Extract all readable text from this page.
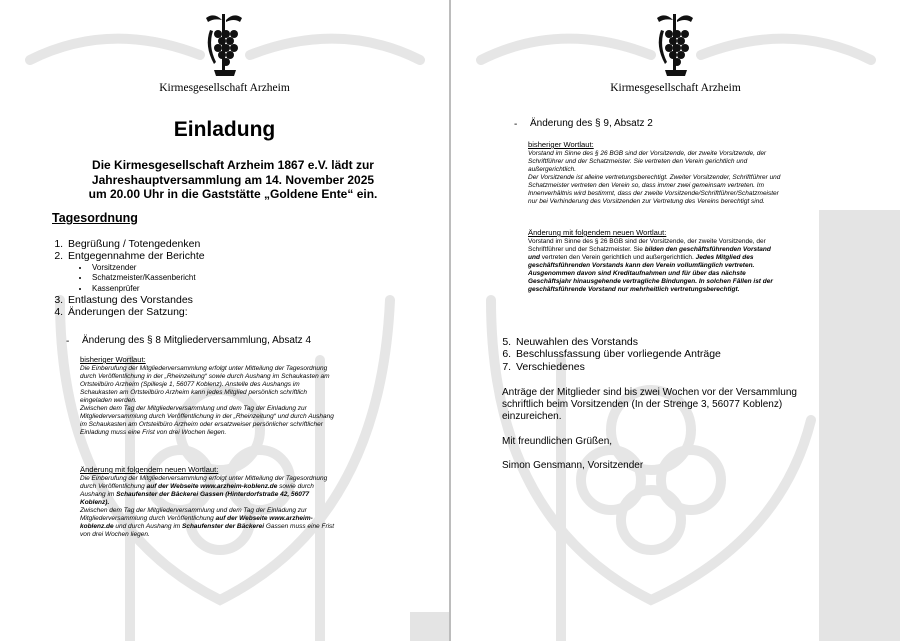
Kirmesgesellschaft Arzheim
Einladung
Die Kirmesgesellschaft Arzheim 1867 e.V. lädt zur
Jahreshauptversammlung am 14. November 2025
um 20.00 Uhr in die Gaststätte „Goldene Ente“ ein.
Tagesordnung
1. Begrüßung / Totengedenken
2. Entgegennahme der Berichte
• Vorsitzender
• Schatzmeister/Kassenbericht
• Kassenprüfer
3. Entlastung des Vorstandes
4. Änderungen der Satzung:
- Änderung des § 8 Mitgliederversammlung, Absatz 4
bisheriger Wortlaut:
Die Einberufung der Mitgliederversammlung erfolgt unter Mitteilung der Tagesordnung
durch Veröffentlichung in der „Rheinzeitung“ sowie durch Aushang im Schaukasten am
Ortsteilbüro Arzheim (Spillesje 1, 56077 Koblenz). Anstelle des Aushangs im
Schaukasten am Ortsteilbüro Arzheim kann jedes Mitglied persönlich schriftlich
eingeladen werden.
Zwischen dem Tag der Mitgliederversammlung und dem Tag der Einladung zur
Mitgliederversammlung durch Veröffentlichung in der „Rheinzeitung“ und durch Aushang
im Schaukasten am Ortsteilbüro Arzheim oder ersatzweiser persönlicher schriftlicher
Einladung muss eine Frist von drei Wochen liegen.
Änderung mit folgendem neuen Wortlaut:
Die Einberufung der Mitgliederversammlung erfolgt unter Mitteilung der Tagesordnung
durch Veröffentlichung auf der Webseite www.arzheim-koblenz.de sowie durch
Aushang im Schaufenster der Bäckerei Gassen (Hinterdorfstraße 42, 56077
Koblenz).
Zwischen dem Tag der Mitgliederversammlung und dem Tag der Einladung zur
Mitgliederversammlung durch Veröffentlichung auf der Webseite www.arzheim-
koblenz.de und durch Aushang im Schaufenster der Bäckerei Gassen muss eine Frist
von drei Wochen liegen.
Kirmesgesellschaft Arzheim
- Änderung des § 9, Absatz 2
bisheriger Wortlaut:
Vorstand im Sinne des § 26 BGB sind der Vorsitzende, der zweite Vorsitzende, der
Schriftführer und der Schatzmeister. Sie vertreten den Verein gerichtlich und
außergerichtlich.
Der Vorsitzende ist alleine vertretungsberechtigt. Zweiter Vorsitzender, Schriftführer und
Schatzmeister vertreten den Verein so, dass immer zwei gemeinsam vertreten. Im
Innenverhältnis wird bestimmt, dass der zweite Vorsitzende/Schriftführer/Schatzmeister
nur bei Verhinderung des Vorsitzenden zur Vertretung des Vereins berechtigt sind.
Änderung mit folgendem neuen Wortlaut:
Vorstand im Sinne des § 26 BGB sind der Vorsitzende, der zweite Vorsitzende, der
Schriftführer und der Schatzmeister. Sie bilden den geschäftsführenden Vorstand
und vertreten den Verein gerichtlich und außergerichtlich. Jedes Mitglied des
geschäftsführenden Vorstands kann den Verein vollumfänglich vertreten.
Ausgenommen davon sind Kreditaufnahmen und für über das nächste
Geschäftsjahr hinausgehende vertragliche Bindungen. In solchen Fällen ist der
geschäftsführende Vorstand nur mehrheitlich vertretungsberechtigt.
5. Neuwahlen des Vorstands
6. Beschlussfassung über vorliegende Anträge
7. Verschiedenes
Anträge der Mitglieder sind bis zwei Wochen vor der Versammlung
schriftlich beim Vorsitzenden (In der Strenge 3, 56077 Koblenz)
einzureichen.
Mit freundlichen Grüßen,
Simon Gensmann, Vorsitzender
